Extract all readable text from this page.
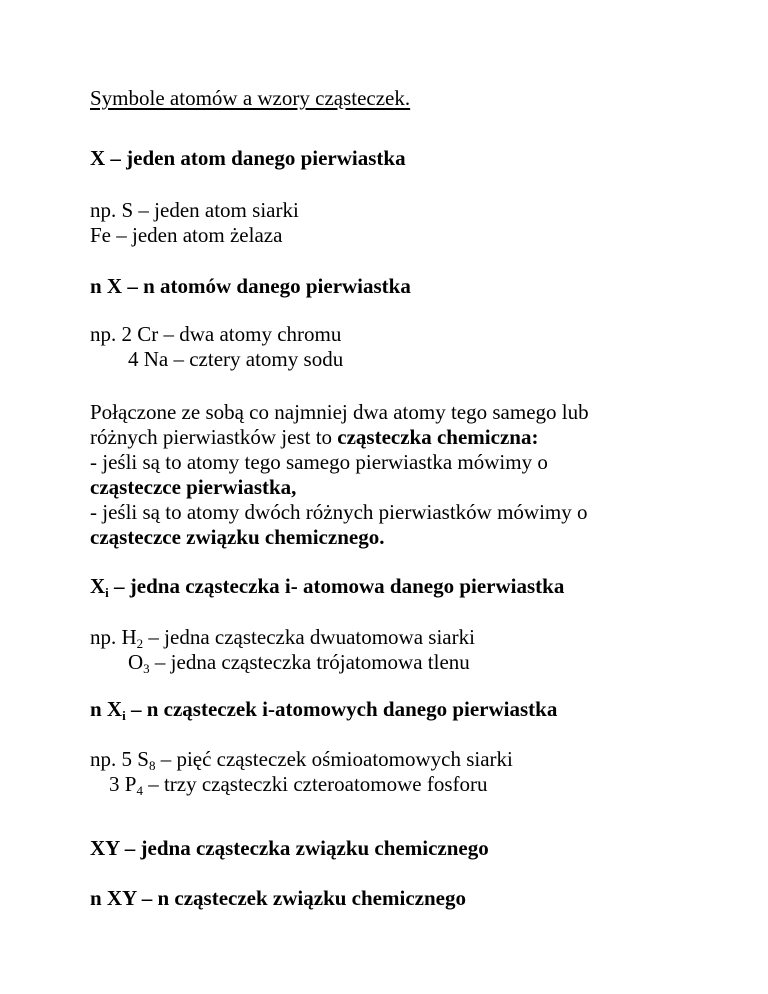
Symbole atomów a wzory cząsteczek.
X – jeden atom danego pierwiastka
np. S – jeden atom siarki
Fe – jeden atom żelaza
n X – n atomów danego pierwiastka
np. 2 Cr – dwa atomy chromu
4 Na – cztery atomy sodu
Połączone ze sobą co najmniej dwa atomy tego samego lub
różnych pierwiastków jest to cząsteczka chemiczna:
- jeśli są to atomy tego samego pierwiastka mówimy o
cząsteczce pierwiastka,
- jeśli są to atomy dwóch różnych pierwiastków mówimy o
cząsteczce związku chemicznego.
$X_i$ – jedna cząsteczka i- atomowa danego pierwiastka
np. $H_2$ – jedna cząsteczka dwuatomowa siarki
$O_3$ – jedna cząsteczka trójatomowa tlenu
n $X_i$ – n cząsteczek i-atomowych danego pierwiastka
np. 5 $S_8$ – pięć cząsteczek ośmioatomowych siarki
3 $P_4$ – trzy cząsteczki czteroatomowe fosforu
XY – jedna cząsteczka związku chemicznego
n XY – n cząsteczek związku chemicznego
